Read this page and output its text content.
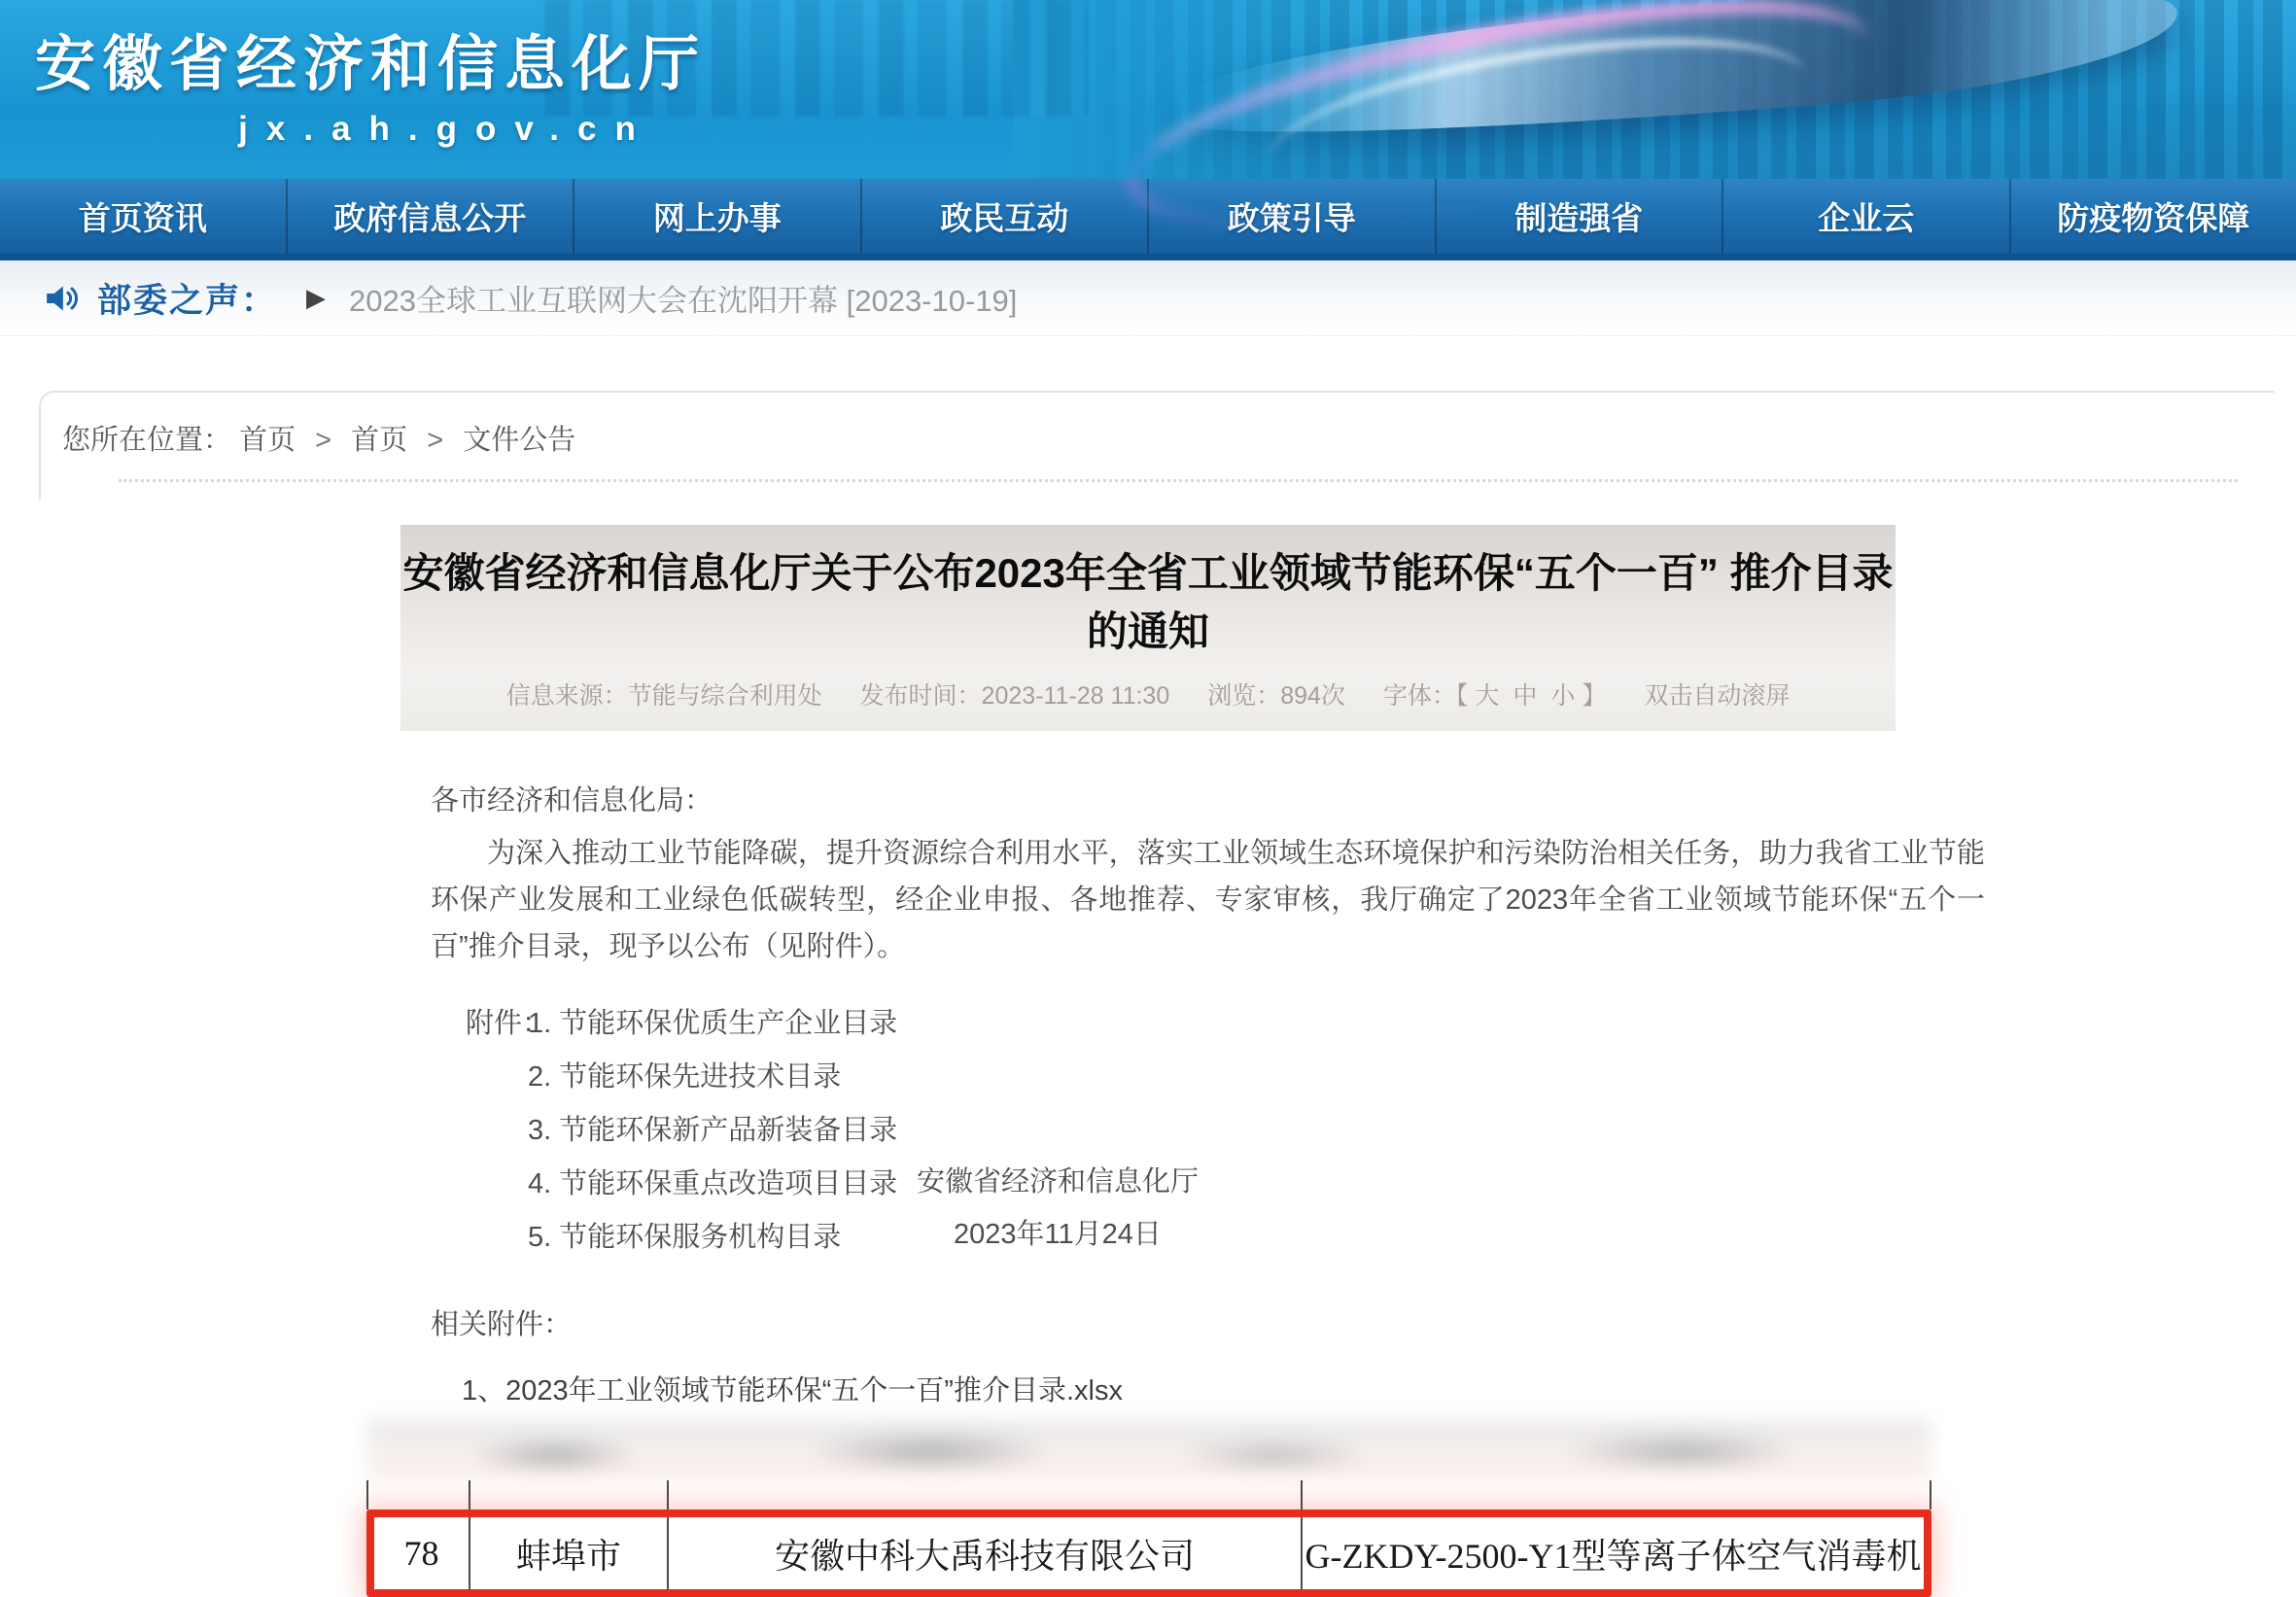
安徽省经济和信息化厅
jx.ah.gov.cn
首页资讯	政府信息公开	网上办事	政民互动	政策引导	制造强省	企业云	防疫物资保障
部委之声： ▶ 2023全球工业互联网大会在沈阳开幕 [2023-10-19]
您所在位置： 首页 > 首页 > 文件公告
安徽省经济和信息化厅关于公布2023年全省工业领域节能环保“五个一百” 推介目录
的通知
信息来源：节能与综合利用处 发布时间：2023-11-28 11:30 浏览：894次 字体：【 大 中 小 】 双击自动滚屏
各市经济和信息化局：
为深入推动工业节能降碳，提升资源综合利用水平，落实工业领域生态环境保护和污染防治相关任务，助力我省工业节能环保产业发展和工业绿色低碳转型，经企业申报、各地推荐、专家审核，我厅确定了2023年全省工业领域节能环保“五个一百”推介目录，现予以公布（见附件）。
附件：
1. 节能环保优质生产企业目录
2. 节能环保先进技术目录
3. 节能环保新产品新装备目录
4. 节能环保重点改造项目目录
5. 节能环保服务机构目录
安徽省经济和信息化厅
2023年11月24日
相关附件：
1、2023年工业领域节能环保“五个一百”推介目录.xlsx
78	蚌埠市	安徽中科大禹科技有限公司	G-ZKDY-2500-Y1型等离子体空气消毒机
